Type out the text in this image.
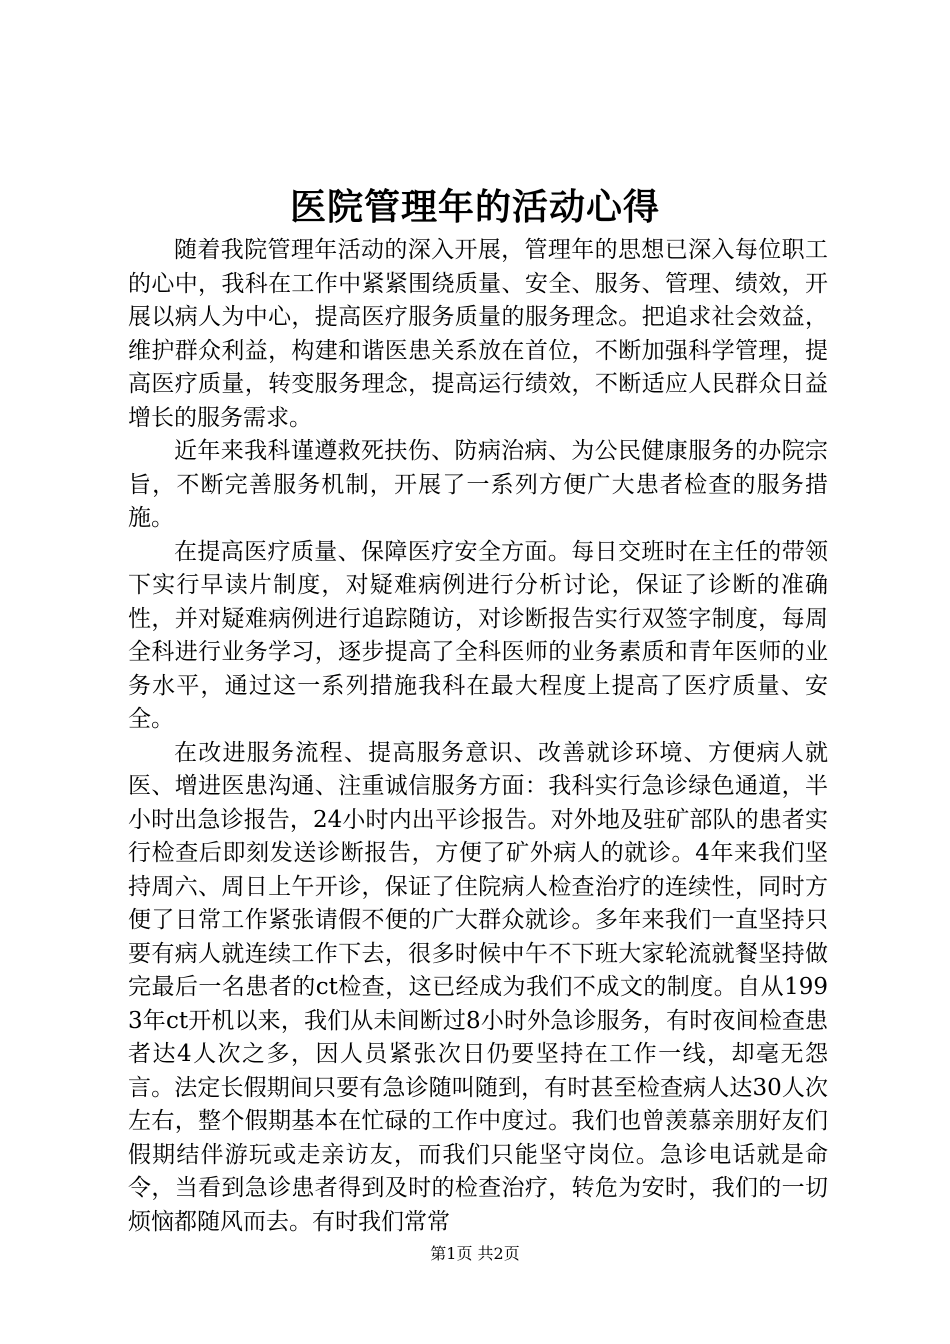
医院管理年的活动心得

随着我院管理年活动的深入开展，管理年的思想已深入每位职工的心中，我科在工作中紧紧围绕质量、安全、服务、管理、绩效，开展以病人为中心，提高医疗服务质量的服务理念。把追求社会效益，维护群众利益，构建和谐医患关系放在首位，不断加强科学管理，提高医疗质量，转变服务理念，提高运行绩效，不断适应人民群众日益增长的服务需求。

近年来我科谨遵救死扶伤、防病治病、为公民健康服务的办院宗旨，不断完善服务机制，开展了一系列方便广大患者检查的服务措施。

在提高医疗质量、保障医疗安全方面。每日交班时在主任的带领下实行早读片制度，对疑难病例进行分析讨论，保证了诊断的准确性，并对疑难病例进行追踪随访，对诊断报告实行双签字制度，每周全科进行业务学习，逐步提高了全科医师的业务素质和青年医师的业务水平，通过这一系列措施我科在最大程度上提高了医疗质量、安全。

在改进服务流程、提高服务意识、改善就诊环境、方便病人就医、增进医患沟通、注重诚信服务方面：我科实行急诊绿色通道，半小时出急诊报告，24小时内出平诊报告。对外地及驻矿部队的患者实行检查后即刻发送诊断报告，方便了矿外病人的就诊。4年来我们坚持周六、周日上午开诊，保证了住院病人检查治疗的连续性，同时方便了日常工作紧张请假不便的广大群众就诊。多年来我们一直坚持只要有病人就连续工作下去，很多时候中午不下班大家轮流就餐坚持做完最后一名患者的ct检查，这已经成为我们不成文的制度。自从1993年ct开机以来，我们从未间断过8小时外急诊服务，有时夜间检查患者达4人次之多，因人员紧张次日仍要坚持在工作一线，却毫无怨言。法定长假期间只要有急诊随叫随到，有时甚至检查病人达30人次左右，整个假期基本在忙碌的工作中度过。我们也曾羡慕亲朋好友们假期结伴游玩或走亲访友，而我们只能坚守岗位。急诊电话就是命令，当看到急诊患者得到及时的检查治疗，转危为安时，我们的一切烦恼都随风而去。有时我们常常

第1页 共2页
